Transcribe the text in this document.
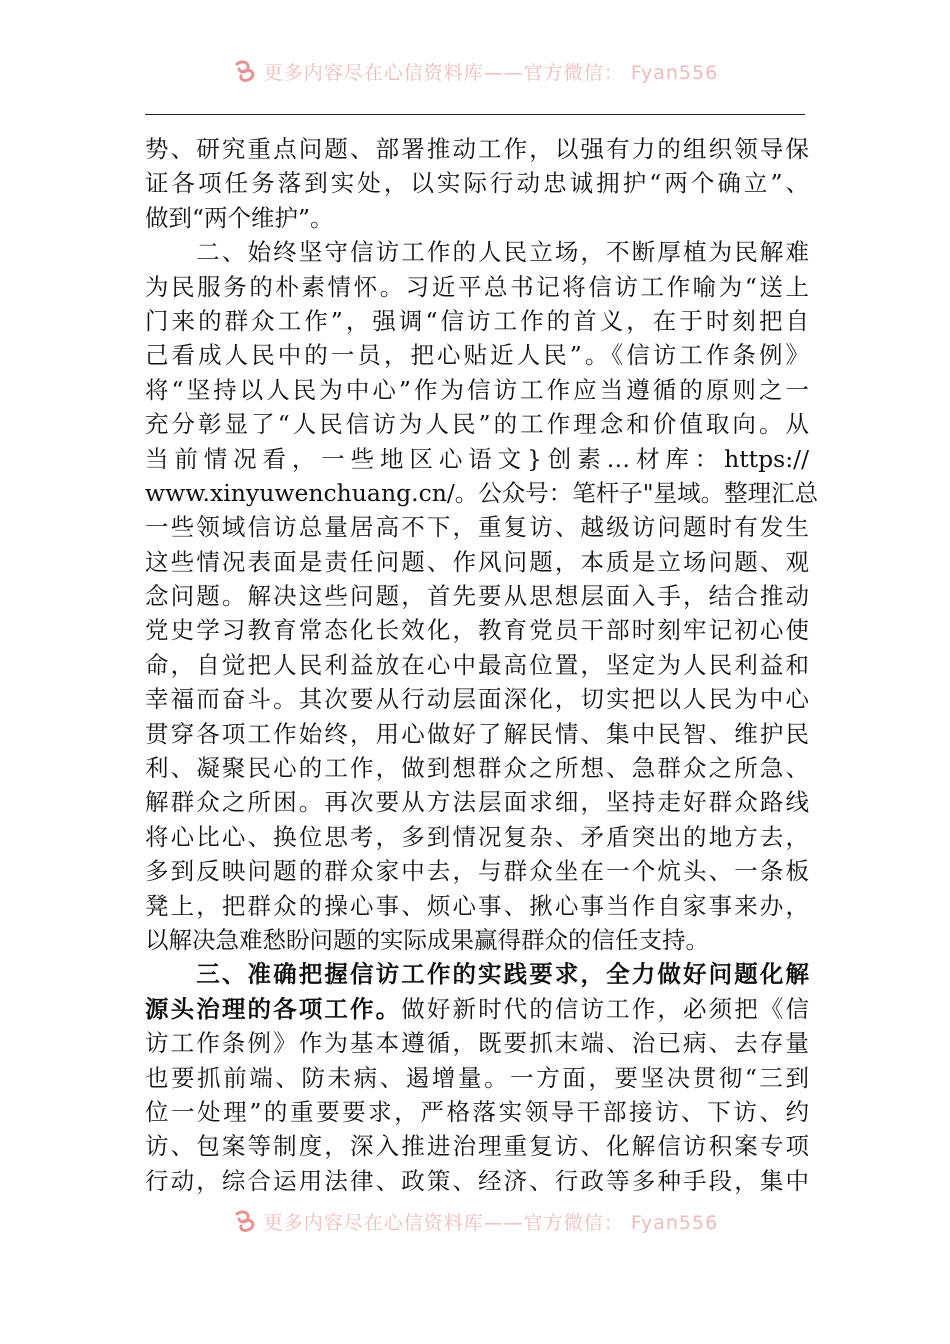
更多内容尽在心信资料库——官方微信： Fyan556
势、研究重点问题、部署推动工作，以强有力的组织领导保
证各项任务落到实处，以实际行动忠诚拥护“两个确立”、
做到“两个维护”。
　　二、始终坚守信访工作的人民立场，不断厚植为民解难
为民服务的朴素情怀。习近平总书记将信访工作喻为“送上
门来的群众工作”，强调“信访工作的首义，在于时刻把自
己看成人民中的一员，把心贴近人民”。《信访工作条例》
将“坚持以人民为中心”作为信访工作应当遵循的原则之一
充分彰显了“人民信访为人民”的工作理念和价值取向。从
当前情况看，一些地区心语文}创素…材库：https://
www.xinyuwenchuang.cn/。公众号：笔杆子"星域。整理汇总
一些领域信访总量居高不下，重复访、越级访问题时有发生
这些情况表面是责任问题、作风问题，本质是立场问题、观
念问题。解决这些问题，首先要从思想层面入手，结合推动
党史学习教育常态化长效化，教育党员干部时刻牢记初心使
命，自觉把人民利益放在心中最高位置，坚定为人民利益和
幸福而奋斗。其次要从行动层面深化，切实把以人民为中心
贯穿各项工作始终，用心做好了解民情、集中民智、维护民
利、凝聚民心的工作，做到想群众之所想、急群众之所急、
解群众之所困。再次要从方法层面求细，坚持走好群众路线
将心比心、换位思考，多到情况复杂、矛盾突出的地方去，
多到反映问题的群众家中去，与群众坐在一个炕头、一条板
凳上，把群众的操心事、烦心事、揪心事当作自家事来办，
以解决急难愁盼问题的实际成果赢得群众的信任支持。
　　三、准确把握信访工作的实践要求，全力做好问题化解
源头治理的各项工作。做好新时代的信访工作，必须把《信
访工作条例》作为基本遵循，既要抓末端、治已病、去存量
也要抓前端、防未病、遏增量。一方面，要坚决贯彻“三到
位一处理”的重要要求，严格落实领导干部接访、下访、约
访、包案等制度，深入推进治理重复访、化解信访积案专项
行动，综合运用法律、政策、经济、行政等多种手段，集中
更多内容尽在心信资料库——官方微信： Fyan556
